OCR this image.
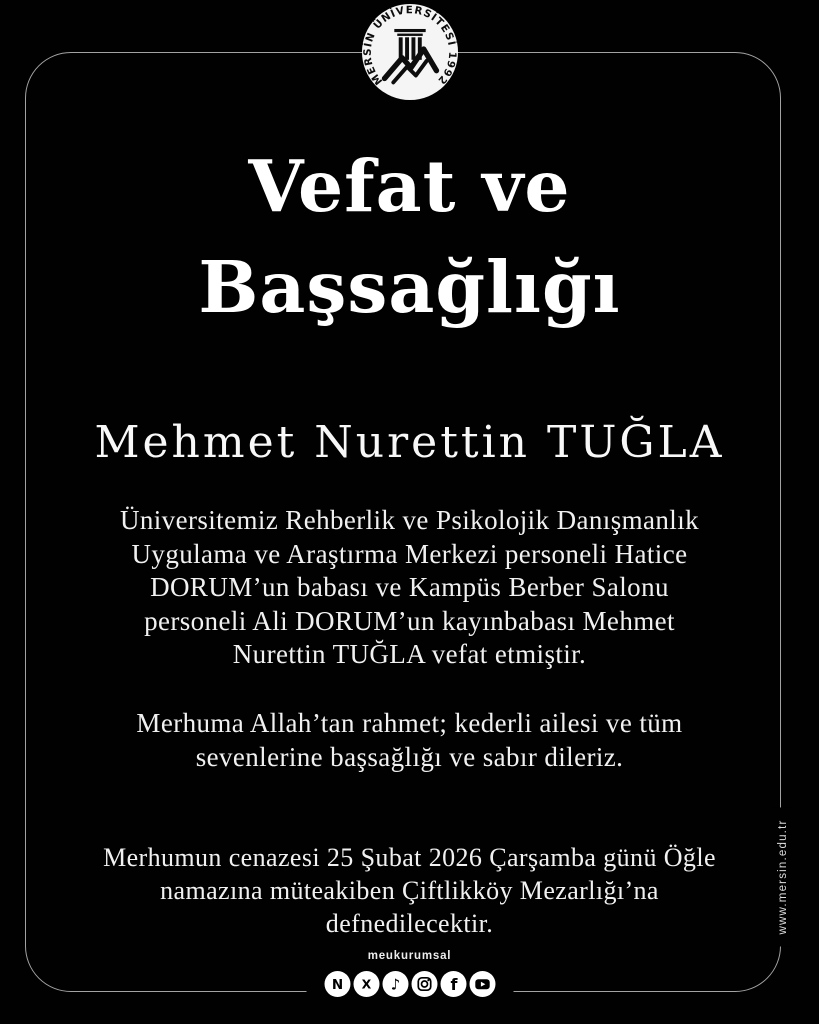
MERSİN ÜNİVERSİTESİ 1992
Vefat ve
Başsağlığı
Mehmet Nurettin TUĞLA
Üniversitemiz Rehberlik ve Psikolojik Danışmanlık
Uygulama ve Araştırma Merkezi personeli Hatice
DORUM’un babası ve Kampüs Berber Salonu
personeli Ali DORUM’un kayınbabası Mehmet
Nurettin TUĞLA vefat etmiştir.
Merhuma Allah’tan rahmet; kederli ailesi ve tüm
sevenlerine başsağlığı ve sabır dileriz.
Merhumun cenazesi 25 Şubat 2026 Çarşamba günü Öğle
namazına müteakiben Çiftlikköy Mezarlığı’na
defnedilecektir.	www.mersin.edu.tr
meukurumsal
N X ♪	f
